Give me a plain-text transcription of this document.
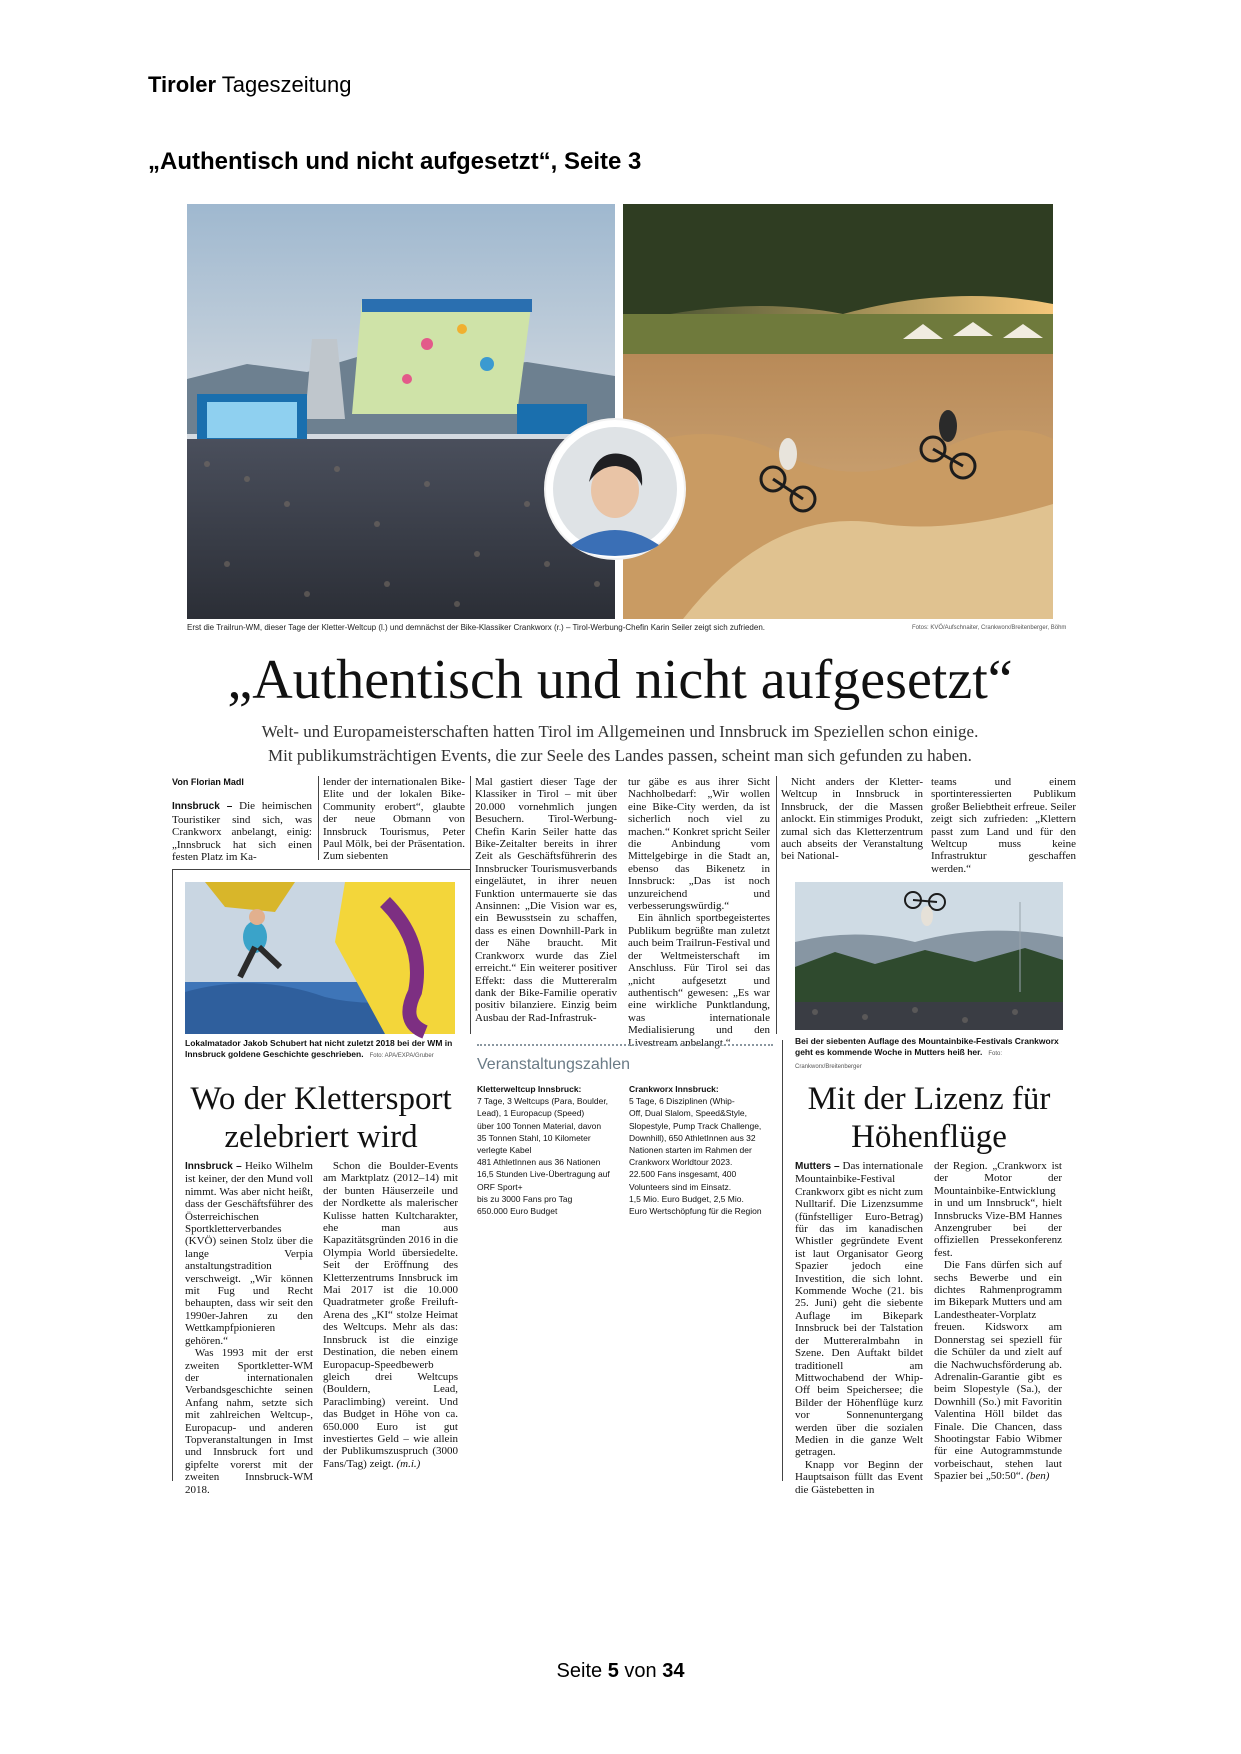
Tiroler Tageszeitung
„Authentisch und nicht aufgesetzt“, Seite 3
Erst die Trailrun-WM, dieser Tage der Kletter-Weltcup (l.) und demnächst der Bike-Klassiker Crankworx (r.) – Tirol-Werbung-Chefin Karin Seiler zeigt sich zufrieden.	Fotos: KVÖ/Aufschnaiter, Crankworx/Breitenberger, Böhm
„Authentisch und nicht aufgesetzt“
Welt- und Europameisterschaften hatten Tirol im Allgemeinen und Innsbruck im Speziellen schon einige.
Mit publikumsträchtigen Events, die zur Seele des Landes passen, scheint man sich gefunden zu haben.
Von Florian Madl

Innsbruck – Die heimischen Touristiker sind sich, was Crankworx anbelangt, einig: „Innsbruck hat sich einen festen Platz im Ka-

lender der internationalen Bike-Elite und der lokalen Bike-Community erobert“, glaubte der neue Obmann von Innsbruck Tourismus, Peter Paul Mölk, bei der Präsentation. Zum siebenten

Mal gastiert dieser Tage der Klassiker in Tirol – mit über 20.000 vornehmlich jungen Besuchern. Tirol-Werbung-Chefin Karin Seiler hatte das Bike-Zeitalter bereits in ihrer Zeit als Geschäftsführerin des Innsbrucker Tourismusverbands eingeläutet, in ihrer neuen Funktion untermauerte sie das Ansinnen: „Die Vision war es, ein Bewusstsein zu schaffen, dass es einen Downhill-Park in der Nähe braucht. Mit Crankworx wurde das Ziel erreicht.“ Ein weiterer positiver Effekt: dass die Muttereralm dank der Bike-Familie operativ positiv bilanziere. Einzig beim Ausbau der Rad-Infrastruk-

tur gäbe es aus ihrer Sicht Nachholbedarf: „Wir wollen eine Bike-City werden, da ist sicherlich noch viel zu machen.“ Konkret spricht Seiler die Anbindung vom Mittelgebirge in die Stadt an, ebenso das Bikenetz in Innsbruck: „Das ist noch unzureichend und verbesserungswürdig.“

Ein ähnlich sportbegeistertes Publikum begrüßte man zuletzt auch beim Trailrun-Festival und der Weltmeisterschaft im Anschluss. Für Tirol sei das „nicht aufgesetzt und authentisch“ gewesen: „Es war eine wirkliche Punktlandung, was internationale Medialisierung und den Livestream anbelangt.“

Nicht anders der Kletter-Weltcup in Innsbruck in Innsbruck, der die Massen anlockt. Ein stimmiges Produkt, zumal sich das Kletterzentrum auch abseits der Veranstaltung bei National-

teams und einem sportinteressierten Publikum großer Beliebtheit erfreue. Seiler zeigt sich zufrieden: „Klettern passt zum Land und für den Weltcup muss keine Infrastruktur geschaffen werden.“

Lokalmatador Jakob Schubert hat nicht zuletzt 2018 bei der WM in Innsbruck goldene Geschichte geschrieben. Foto: APA/EXPA/Gruber
Wo der Klettersport zelebriert wird

Innsbruck – Heiko Wilhelm ist keiner, der den Mund voll nimmt. Was aber nicht heißt, dass der Geschäftsführer des Österreichischen Sportkletterverbandes (KVÖ) seinen Stolz über die lange Verpia anstaltungstradition verschweigt. „Wir können mit Fug und Recht behaupten, dass wir seit den 1990er-Jahren zu den Wettkampfpionieren gehören.“

Was 1993 mit der erst zweiten Sportkletter-WM der internationalen Verbandsgeschichte seinen Anfang nahm, setzte sich mit zahlreichen Weltcup-, Europacup- und anderen Topveranstaltungen in Imst und Innsbruck fort und gipfelte vorerst mit der zweiten Innsbruck-WM 2018.

Schon die Boulder-Events am Marktplatz (2012–14) mit der bunten Häuserzeile und der Nordkette als malerischer Kulisse hatten Kultcharakter, ehe man aus Kapazitätsgründen 2016 in die Olympia World übersiedelte. Seit der Eröffnung des Kletterzentrums Innsbruck im Mai 2017 ist die 10.000 Quadratmeter große Freiluft-Arena des „KI“ stolze Heimat des Weltcups. Mehr als das: Innsbruck ist die einzige Destination, die neben einem Europacup-Speedbewerb gleich drei Weltcups (Bouldern, Lead, Paraclimbing) vereint. Und das Budget in Höhe von ca. 650.000 Euro ist gut investiertes Geld – wie allein der Publikumszuspruch (3000 Fans/Tag) zeigt. (m.i.)

Veranstaltungszahlen
Kletterweltcup Innsbruck:
7 Tage, 3 Weltcups (Para, Boulder,
Lead), 1 Europacup (Speed)
über 100 Tonnen Material, davon
35 Tonnen Stahl, 10 Kilometer
verlegte Kabel
481 AthletInnen aus 36 Nationen
16,5 Stunden Live-Übertragung auf
ORF Sport+
bis zu 3000 Fans pro Tag
650.000 Euro Budget
Crankworx Innsbruck:
5 Tage, 6 Disziplinen (Whip-
Off, Dual Slalom, Speed&Style,
Slopestyle, Pump Track Challenge,
Downhill), 650 AthletInnen aus 32
Nationen starten im Rahmen der
Crankworx Worldtour 2023.
22.500 Fans insgesamt, 400
Volunteers sind im Einsatz.
1,5 Mio. Euro Budget, 2,5 Mio.
Euro Wertschöpfung für die Region
Bei der siebenten Auflage des Mountainbike-Festivals Crankworx geht es kommende Woche in Mutters heiß her. Foto: Crankworx/Breitenberger
Mit der Lizenz für Höhenflüge

Mutters – Das internationale Mountainbike-Festival Crankworx gibt es nicht zum Nulltarif. Die Lizenzsumme (fünfstelliger Euro-Betrag) für das im kanadischen Whistler gegründete Event ist laut Organisator Georg Spazier jedoch eine Investition, die sich lohnt. Kommende Woche (21. bis 25. Juni) geht die siebente Auflage im Bikepark Innsbruck bei der Talstation der Muttereralmbahn in Szene. Den Auftakt bildet traditionell am Mittwochabend der Whip-Off beim Speichersee; die Bilder der Höhenflüge kurz vor Sonnenuntergang werden über die sozialen Medien in die ganze Welt getragen.

Knapp vor Beginn der Hauptsaison füllt das Event die Gästebetten in

der Region. „Crankworx ist der Motor der Mountainbike-Entwicklung in und um Innsbruck“, hielt Innsbrucks Vize-BM Hannes Anzengruber bei der offiziellen Pressekonferenz fest.

Die Fans dürfen sich auf sechs Bewerbe und ein dichtes Rahmenprogramm im Bikepark Mutters und am Landestheater-Vorplatz freuen. Kidsworx am Donnerstag sei speziell für die Schüler da und zielt auf die Nachwuchsförderung ab. Adrenalin-Garantie gibt es beim Slopestyle (Sa.), der Downhill (So.) mit Favoritin Valentina Höll bildet das Finale. Die Chancen, dass Shootingstar Fabio Wibmer für eine Autogrammstunde vorbeischaut, stehen laut Spazier bei „50:50“. (ben)

Seite 5 von 34
